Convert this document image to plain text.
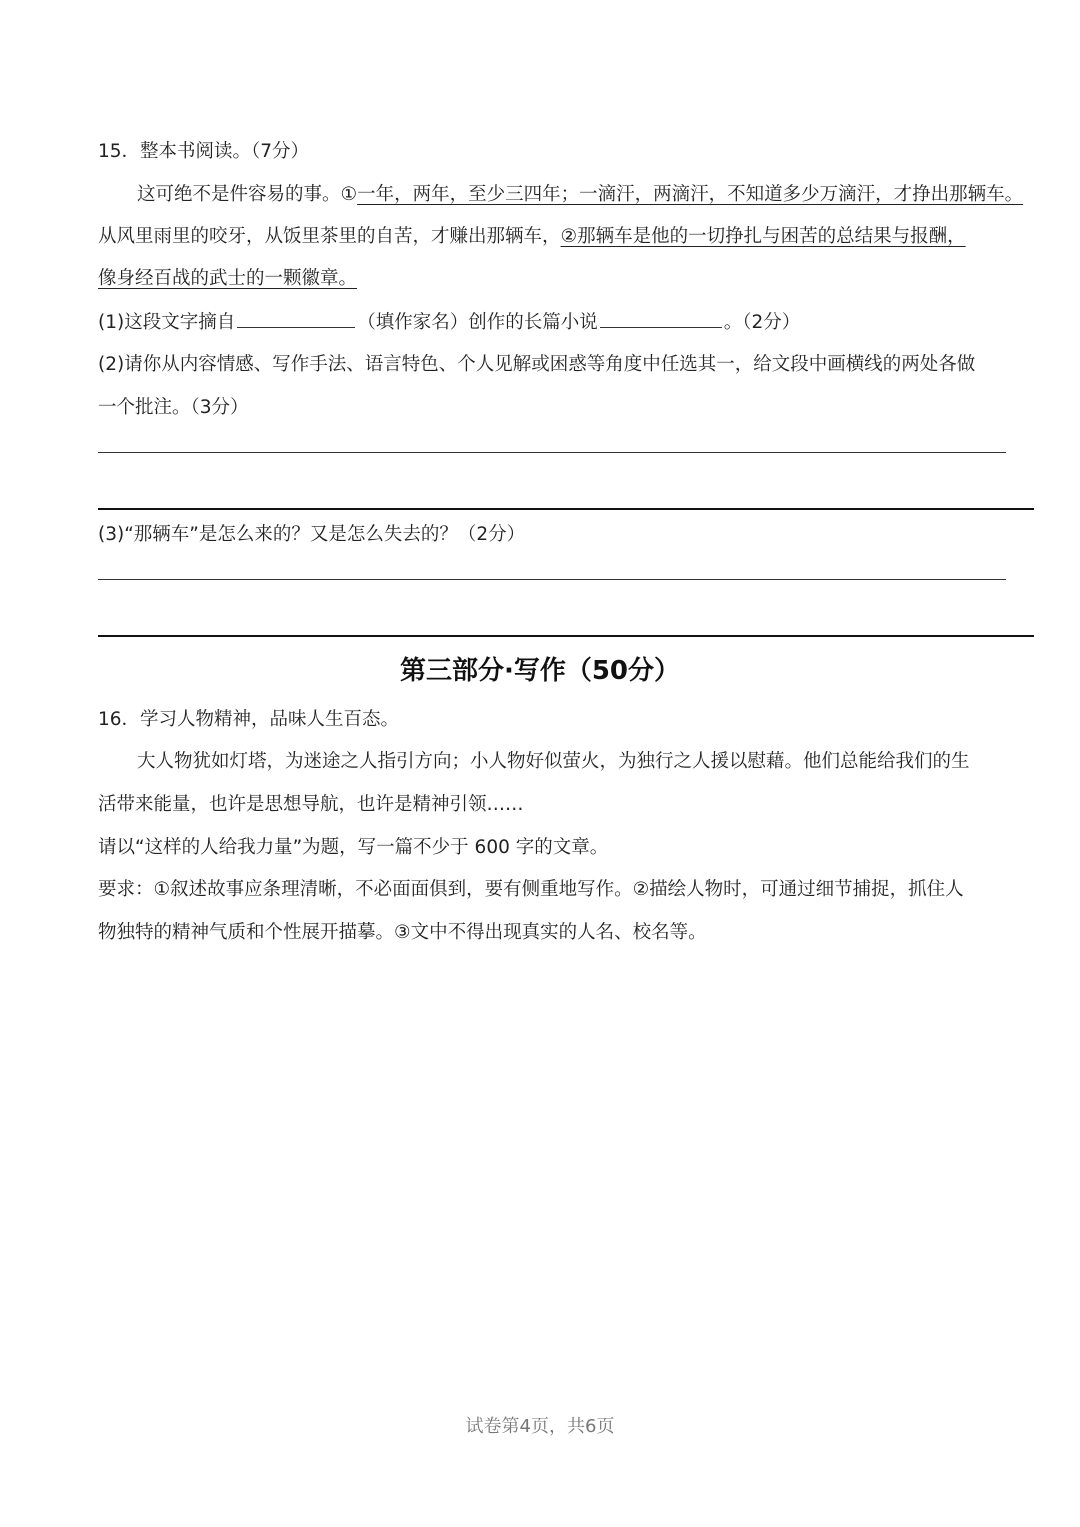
15．整本书阅读。（7分）
这可绝不是件容易的事。①一年，两年，至少三四年；一滴汗，两滴汗，不知道多少万滴汗，才挣出那辆车。
从风里雨里的咬牙，从饭里茶里的自苦，才赚出那辆车，②那辆车是他的一切挣扎与困苦的总结果与报酬，
像身经百战的武士的一颗徽章。
(1)这段文字摘自	（填作家名）创作的长篇小说	。（2分）
(2)请你从内容情感、写作手法、语言特色、个人见解或困惑等角度中任选其一，给文段中画横线的两处各做
一个批注。（3分）
(3)“那辆车”是怎么来的？又是怎么失去的？（2分）
第三部分·写作（50分）
16．学习人物精神，品味人生百态。
大人物犹如灯塔，为迷途之人指引方向；小人物好似萤火，为独行之人援以慰藉。他们总能给我们的生
活带来能量，也许是思想导航，也许是精神引领……
请以“这样的人给我力量”为题，写一篇不少于 600 字的文章。
要求：①叙述故事应条理清晰，不必面面俱到，要有侧重地写作。②描绘人物时，可通过细节捕捉，抓住人
物独特的精神气质和个性展开描摹。③文中不得出现真实的人名、校名等。
试卷第4页，共6页
